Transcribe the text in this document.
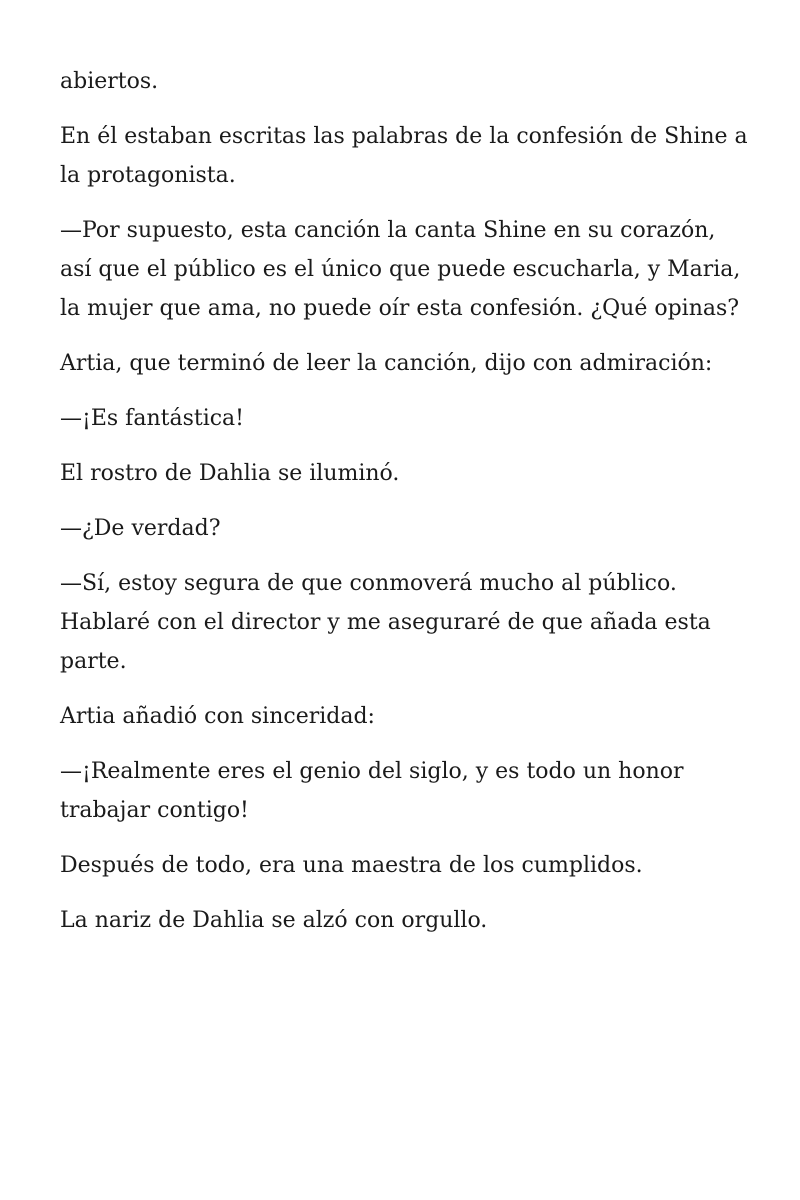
abiertos.

En él estaban escritas las palabras de la confesión de Shine a la protagonista.

—Por supuesto, esta canción la canta Shine en su corazón, así que el público es el único que puede escucharla, y Maria, la mujer que ama, no puede oír esta confesión. ¿Qué opinas?

Artia, que terminó de leer la canción, dijo con admiración:

—¡Es fantástica!

El rostro de Dahlia se iluminó.

—¿De verdad?

—Sí, estoy segura de que conmoverá mucho al público. Hablaré con el director y me aseguraré de que añada esta parte.

Artia añadió con sinceridad:

—¡Realmente eres el genio del siglo, y es todo un honor trabajar contigo!

Después de todo, era una maestra de los cumplidos.

La nariz de Dahlia se alzó con orgullo.
